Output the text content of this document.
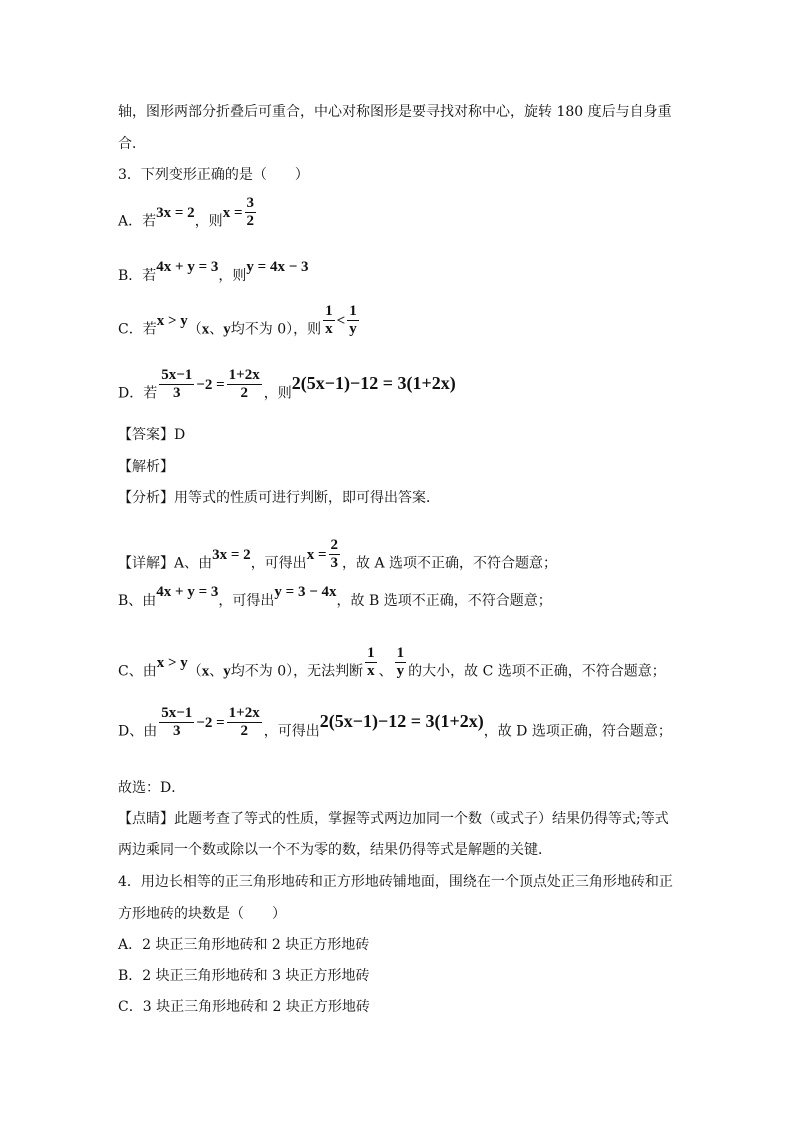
轴，图形两部分折叠后可重合，中心对称图形是要寻找对称中心，旋转 180 度后与自身重
合．
3．下列变形正确的是（　　）
A．若3x = 2，则$x = \frac{3}{2}$
B．若4x + y = 3，则y = 4x − 3
C．若x > y（x、y均不为 0），则 $\frac{1}{x} < \frac{1}{y}$
D．若 $\frac{5x-1}{3} -2 = \frac{1+2x}{2}$ ，则2(5x−1)−12 = 3(1+2x)
【答案】D
【解析】
【分析】用等式的性质可进行判断，即可得出答案．
【详解】A、由3x = 2，可得出$x = \frac{2}{3}$ ，故 A 选项不正确，不符合题意；
B、由4x + y = 3，可得出y = 3 − 4x，故 B 选项不正确，不符合题意；
C、由x > y（x、y均不为 0），无法判断 $\frac{1}{x}$ 、 $\frac{1}{y}$ 的大小，故 C 选项不正确，不符合题意；
D、由 $\frac{5x-1}{3} -2 = \frac{1+2x}{2}$ ，可得出2(5x−1)−12 = 3(1+2x)，故 D 选项正确，符合题意；
故选：D．
【点睛】此题考查了等式的性质，掌握等式两边加同一个数（或式子）结果仍得等式;等式
两边乘同一个数或除以一个不为零的数，结果仍得等式是解题的关键．
4．用边长相等的正三角形地砖和正方形地砖铺地面，围绕在一个顶点处正三角形地砖和正
方形地砖的块数是（　　）
A．2 块正三角形地砖和 2 块正方形地砖
B．2 块正三角形地砖和 3 块正方形地砖
C．3 块正三角形地砖和 2 块正方形地砖
